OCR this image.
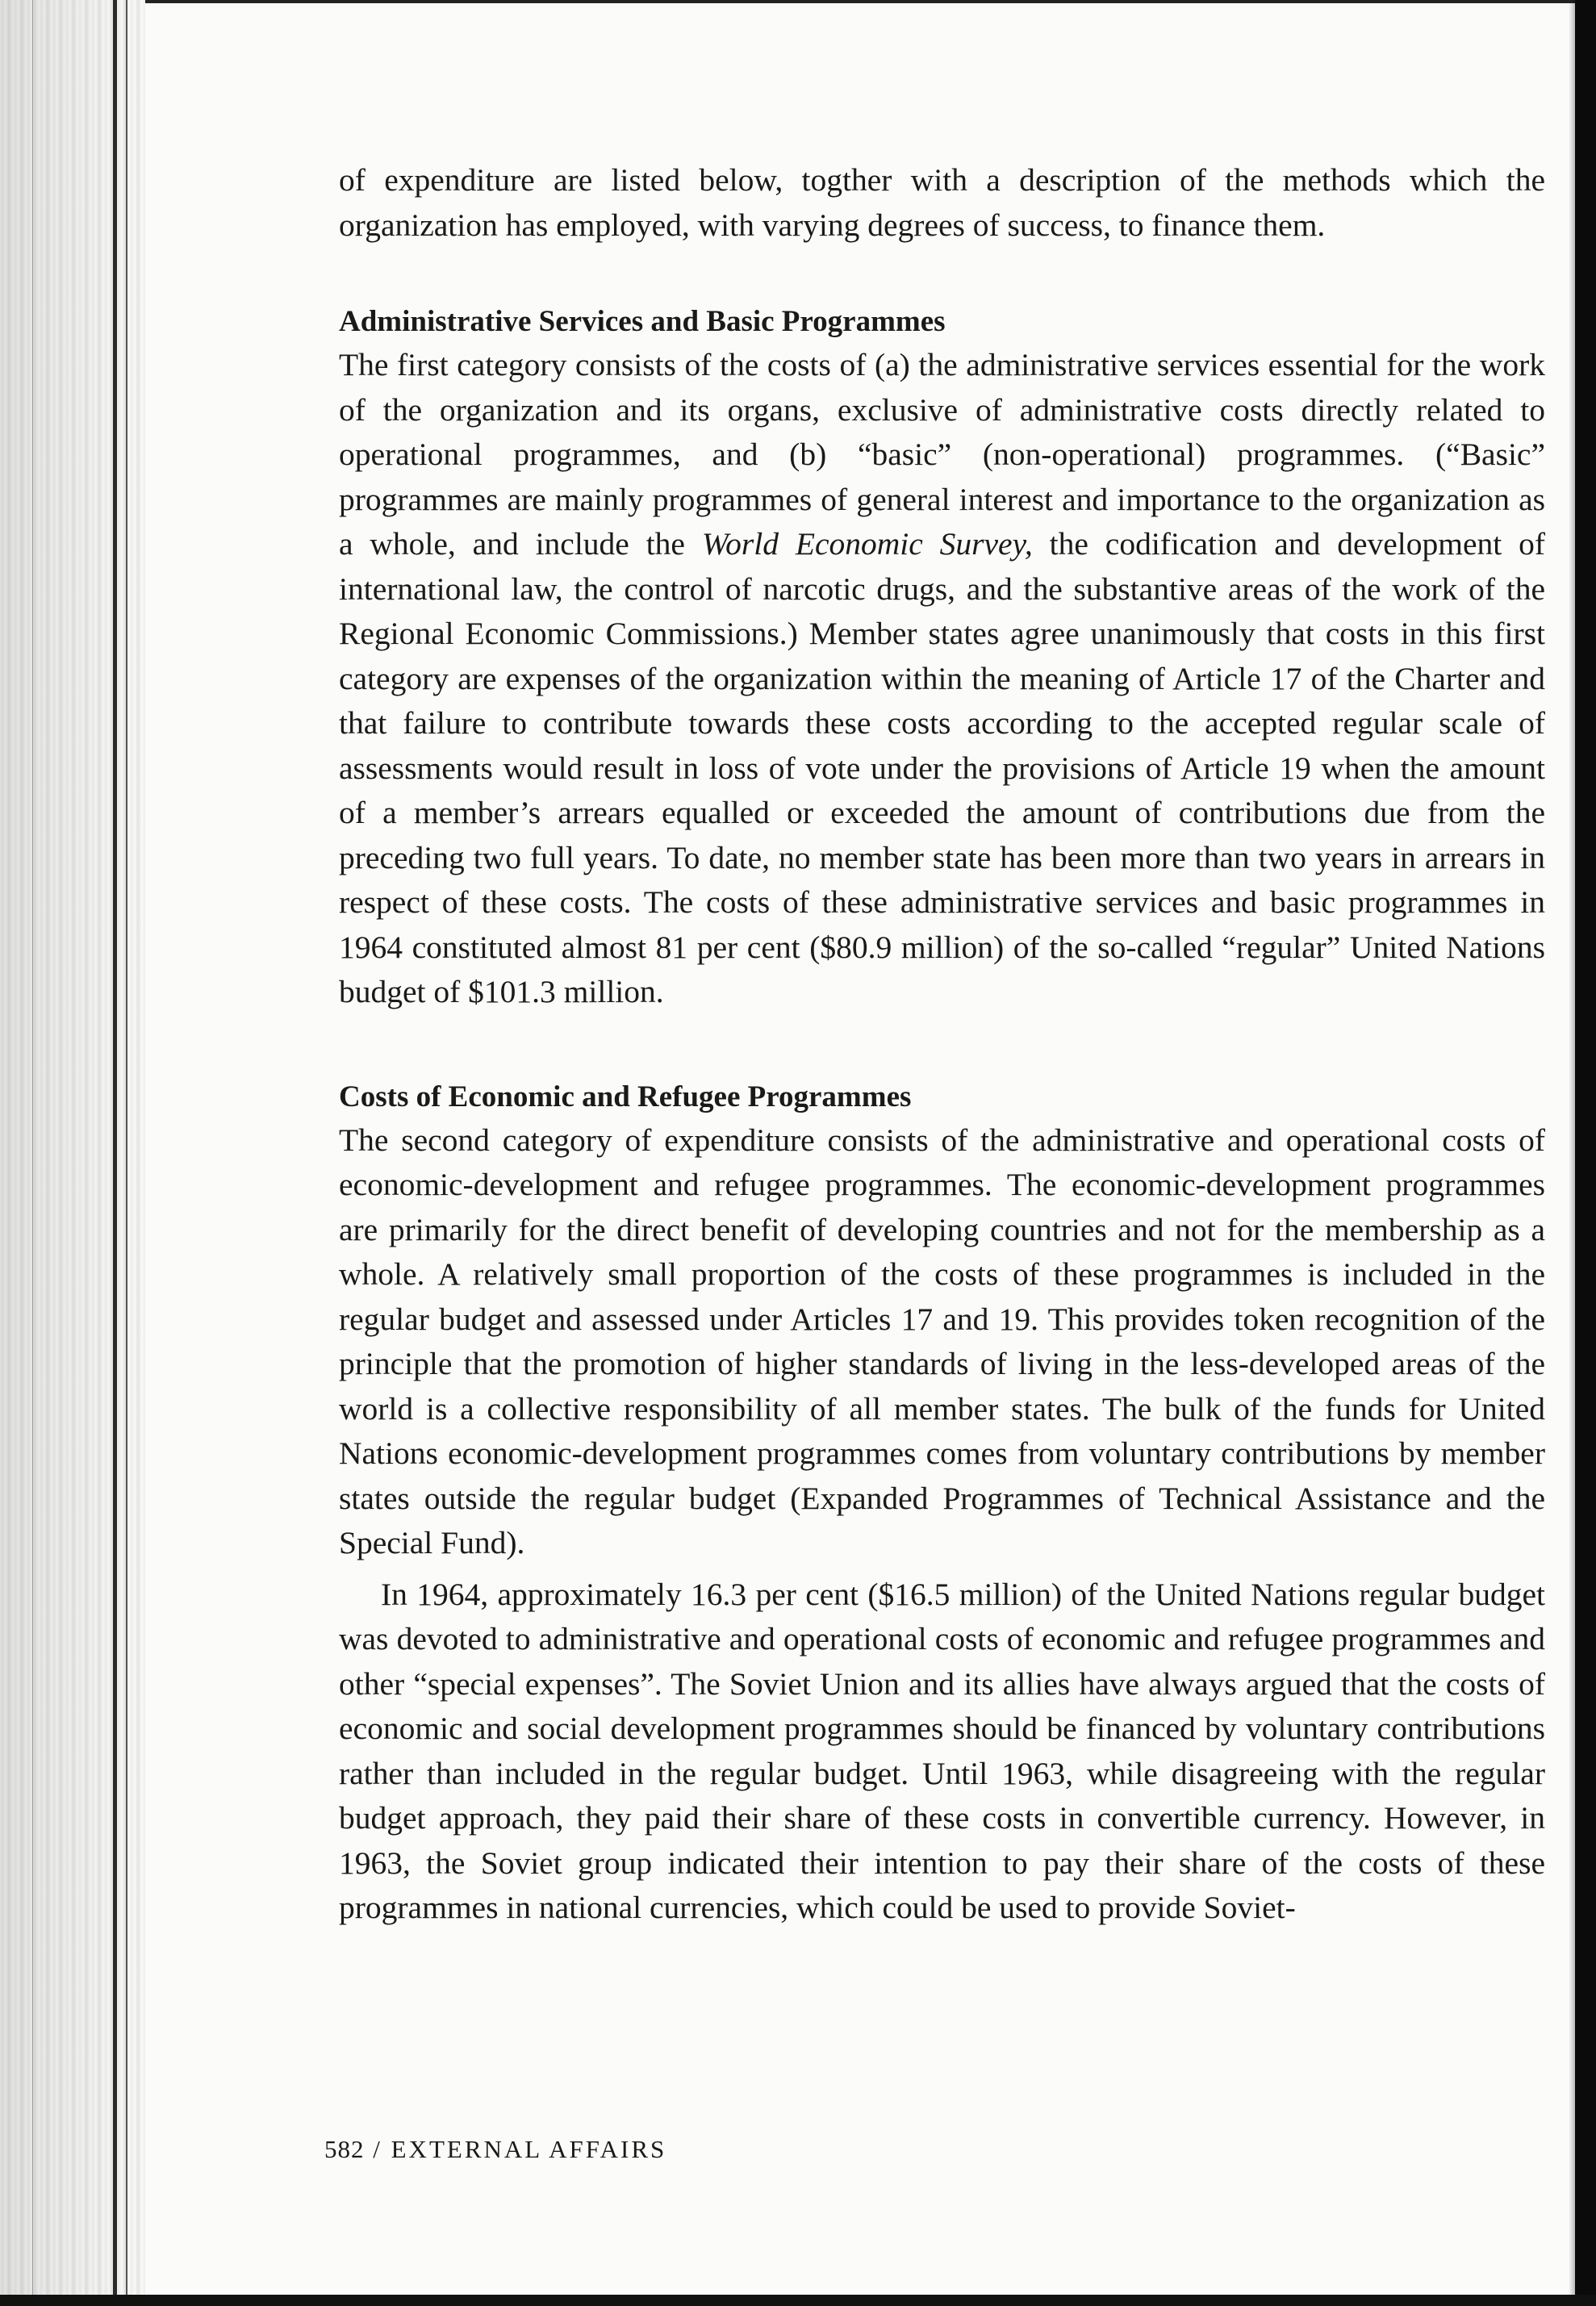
of expenditure are listed below, togther with a description of the methods which the organization has employed, with varying degrees of success, to finance them.

Administrative Services and Basic Programmes

The first category consists of the costs of (a) the administrative services essential for the work of the organization and its organs, exclusive of administrative costs directly related to operational programmes, and (b) “basic” (non-operational) programmes. (“Basic” programmes are mainly programmes of general interest and importance to the organization as a whole, and include the World Economic Survey, the codification and development of international law, the control of narcotic drugs, and the substantive areas of the work of the Regional Economic Commissions.) Member states agree unanimously that costs in this first category are expenses of the organization within the meaning of Article 17 of the Charter and that failure to contribute towards these costs according to the accepted regular scale of assessments would result in loss of vote under the provisions of Article 19 when the amount of a member’s arrears equalled or exceeded the amount of contributions due from the preceding two full years. To date, no member state has been more than two years in arrears in respect of these costs. The costs of these administrative services and basic programmes in 1964 constituted almost 81 per cent ($80.9 million) of the so-called “regular” United Nations budget of $101.3 million.

Costs of Economic and Refugee Programmes

The second category of expenditure consists of the administrative and operational costs of economic-development and refugee programmes. The economic-development programmes are primarily for the direct benefit of developing countries and not for the membership as a whole. A relatively small proportion of the costs of these programmes is included in the regular budget and assessed under Articles 17 and 19. This provides token recognition of the principle that the promotion of higher standards of living in the less-developed areas of the world is a collective responsibility of all member states. The bulk of the funds for United Nations economic-development programmes comes from voluntary contributions by member states outside the regular budget (Expanded Programmes of Technical Assistance and the Special Fund).

In 1964, approximately 16.3 per cent ($16.5 million) of the United Nations regular budget was devoted to administrative and operational costs of economic and refugee programmes and other “special expenses”. The Soviet Union and its allies have always argued that the costs of economic and social development programmes should be financed by voluntary contributions rather than included in the regular budget. Until 1963, while disagreeing with the regular budget approach, they paid their share of these costs in convertible currency. However, in 1963, the Soviet group indicated their intention to pay their share of the costs of these programmes in national currencies, which could be used to provide Soviet-

582 / EXTERNAL AFFAIRS
